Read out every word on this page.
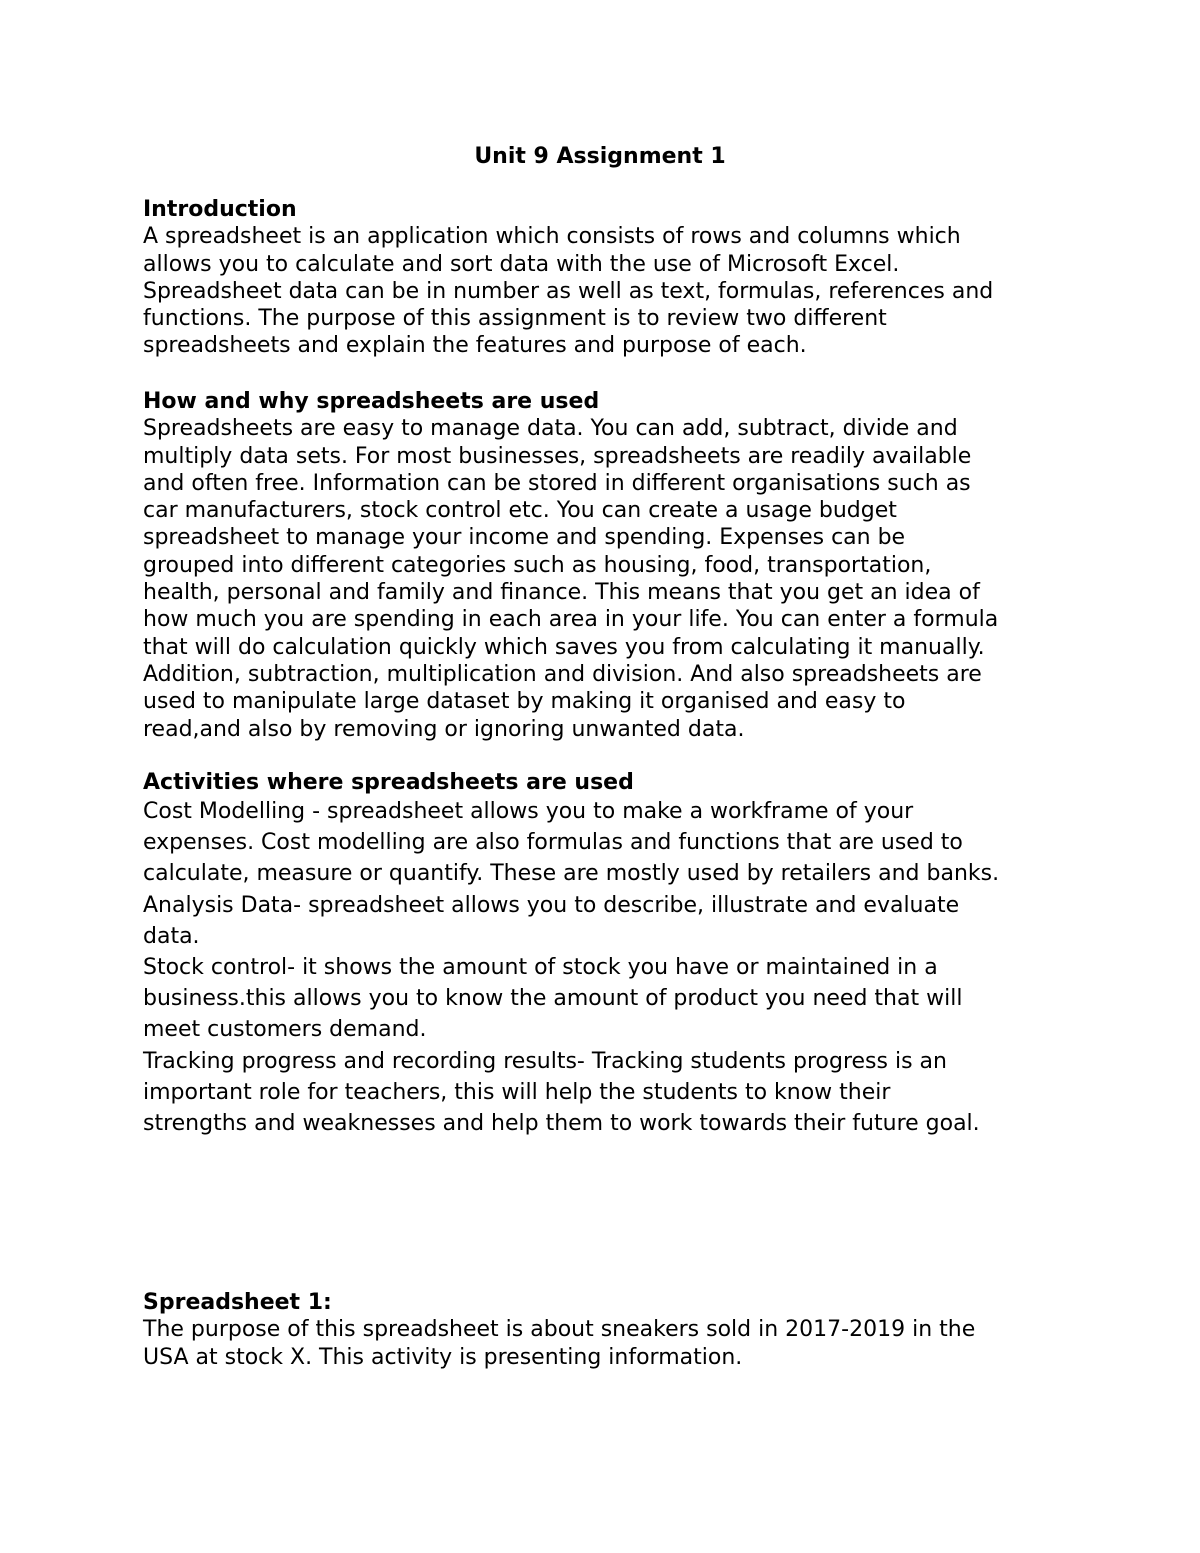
Unit 9 Assignment 1
Introduction
A spreadsheet is an application which consists of rows and columns which
allows you to calculate and sort data with the use of Microsoft Excel.
Spreadsheet data can be in number as well as text, formulas, references and
functions. The purpose of this assignment is to review two different
spreadsheets and explain the features and purpose of each.
How and why spreadsheets are used
Spreadsheets are easy to manage data. You can add, subtract, divide and
multiply data sets. For most businesses, spreadsheets are readily available
and often free. Information can be stored in different organisations such as
car manufacturers, stock control etc. You can create a usage budget
spreadsheet to manage your income and spending. Expenses can be
grouped into different categories such as housing, food, transportation,
health, personal and family and finance. This means that you get an idea of
how much you are spending in each area in your life. You can enter a formula
that will do calculation quickly which saves you from calculating it manually.
Addition, subtraction, multiplication and division. And also spreadsheets are
used to manipulate large dataset by making it organised and easy to
read,and also by removing or ignoring unwanted data.
Activities where spreadsheets are used
Cost Modelling - spreadsheet allows you to make a workframe of your
expenses. Cost modelling are also formulas and functions that are used to
calculate, measure or quantify. These are mostly used by retailers and banks.
Analysis Data- spreadsheet allows you to describe, illustrate and evaluate
data.
Stock control- it shows the amount of stock you have or maintained in a
business.this allows you to know the amount of product you need that will
meet customers demand.
Tracking progress and recording results- Tracking students progress is an
important role for teachers, this will help the students to know their
strengths and weaknesses and help them to work towards their future goal.
Spreadsheet 1:
The purpose of this spreadsheet is about sneakers sold in 2017-2019 in the
USA at stock X. This activity is presenting information.
